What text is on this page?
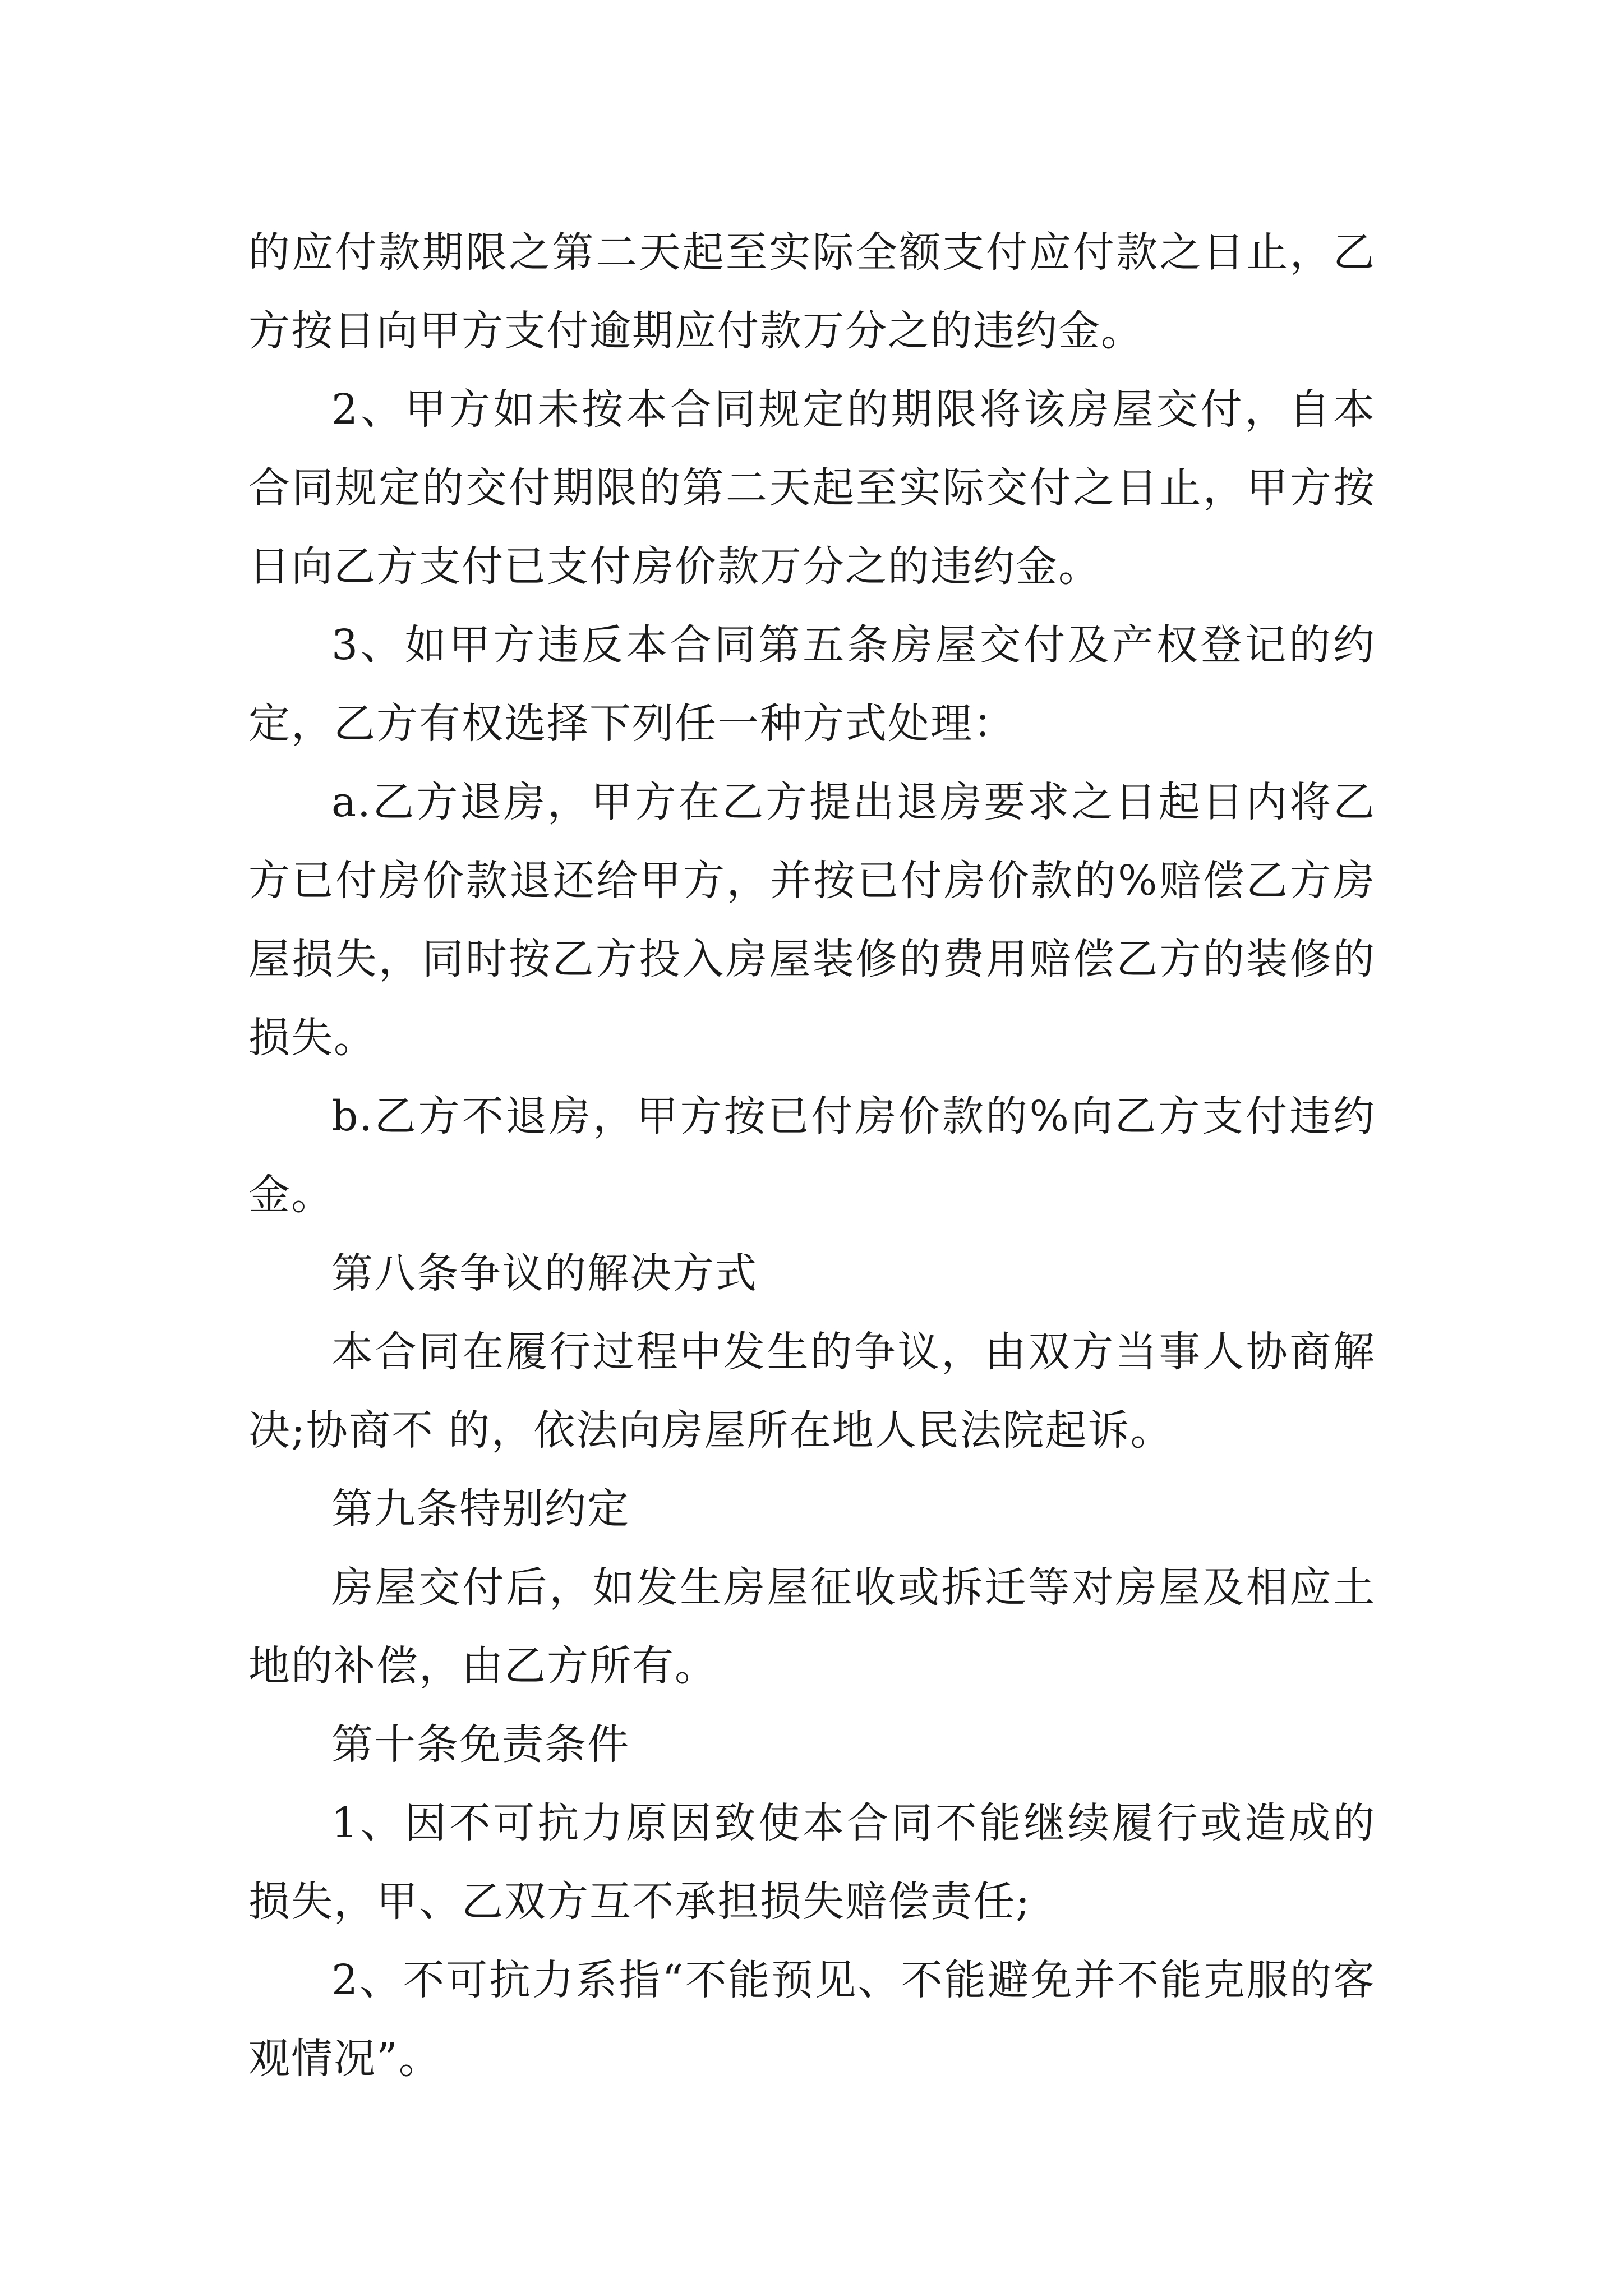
的应付款期限之第二天起至实际全额支付应付款之日止，乙方按日向甲方支付逾期应付款万分之的违约金。

2、甲方如未按本合同规定的期限将该房屋交付，自本合同规定的交付期限的第二天起至实际交付之日止，甲方按日向乙方支付已支付房价款万分之的违约金。

3、如甲方违反本合同第五条房屋交付及产权登记的约定，乙方有权选择下列任一种方式处理：

a.乙方退房，甲方在乙方提出退房要求之日起日内将乙方已付房价款退还给甲方，并按已付房价款的%赔偿乙方房屋损失，同时按乙方投入房屋装修的费用赔偿乙方的装修的损失。

b.乙方不退房，甲方按已付房价款的%向乙方支付违约金。

第八条争议的解决方式

本合同在履行过程中发生的争议，由双方当事人协商解决;协商不 的，依法向房屋所在地人民法院起诉。

第九条特别约定

房屋交付后，如发生房屋征收或拆迁等对房屋及相应土地的补偿，由乙方所有。

第十条免责条件

1、因不可抗力原因致使本合同不能继续履行或造成的损失，甲、乙双方互不承担损失赔偿责任;

2、不可抗力系指“不能预见、不能避免并不能克服的客观情况”。
